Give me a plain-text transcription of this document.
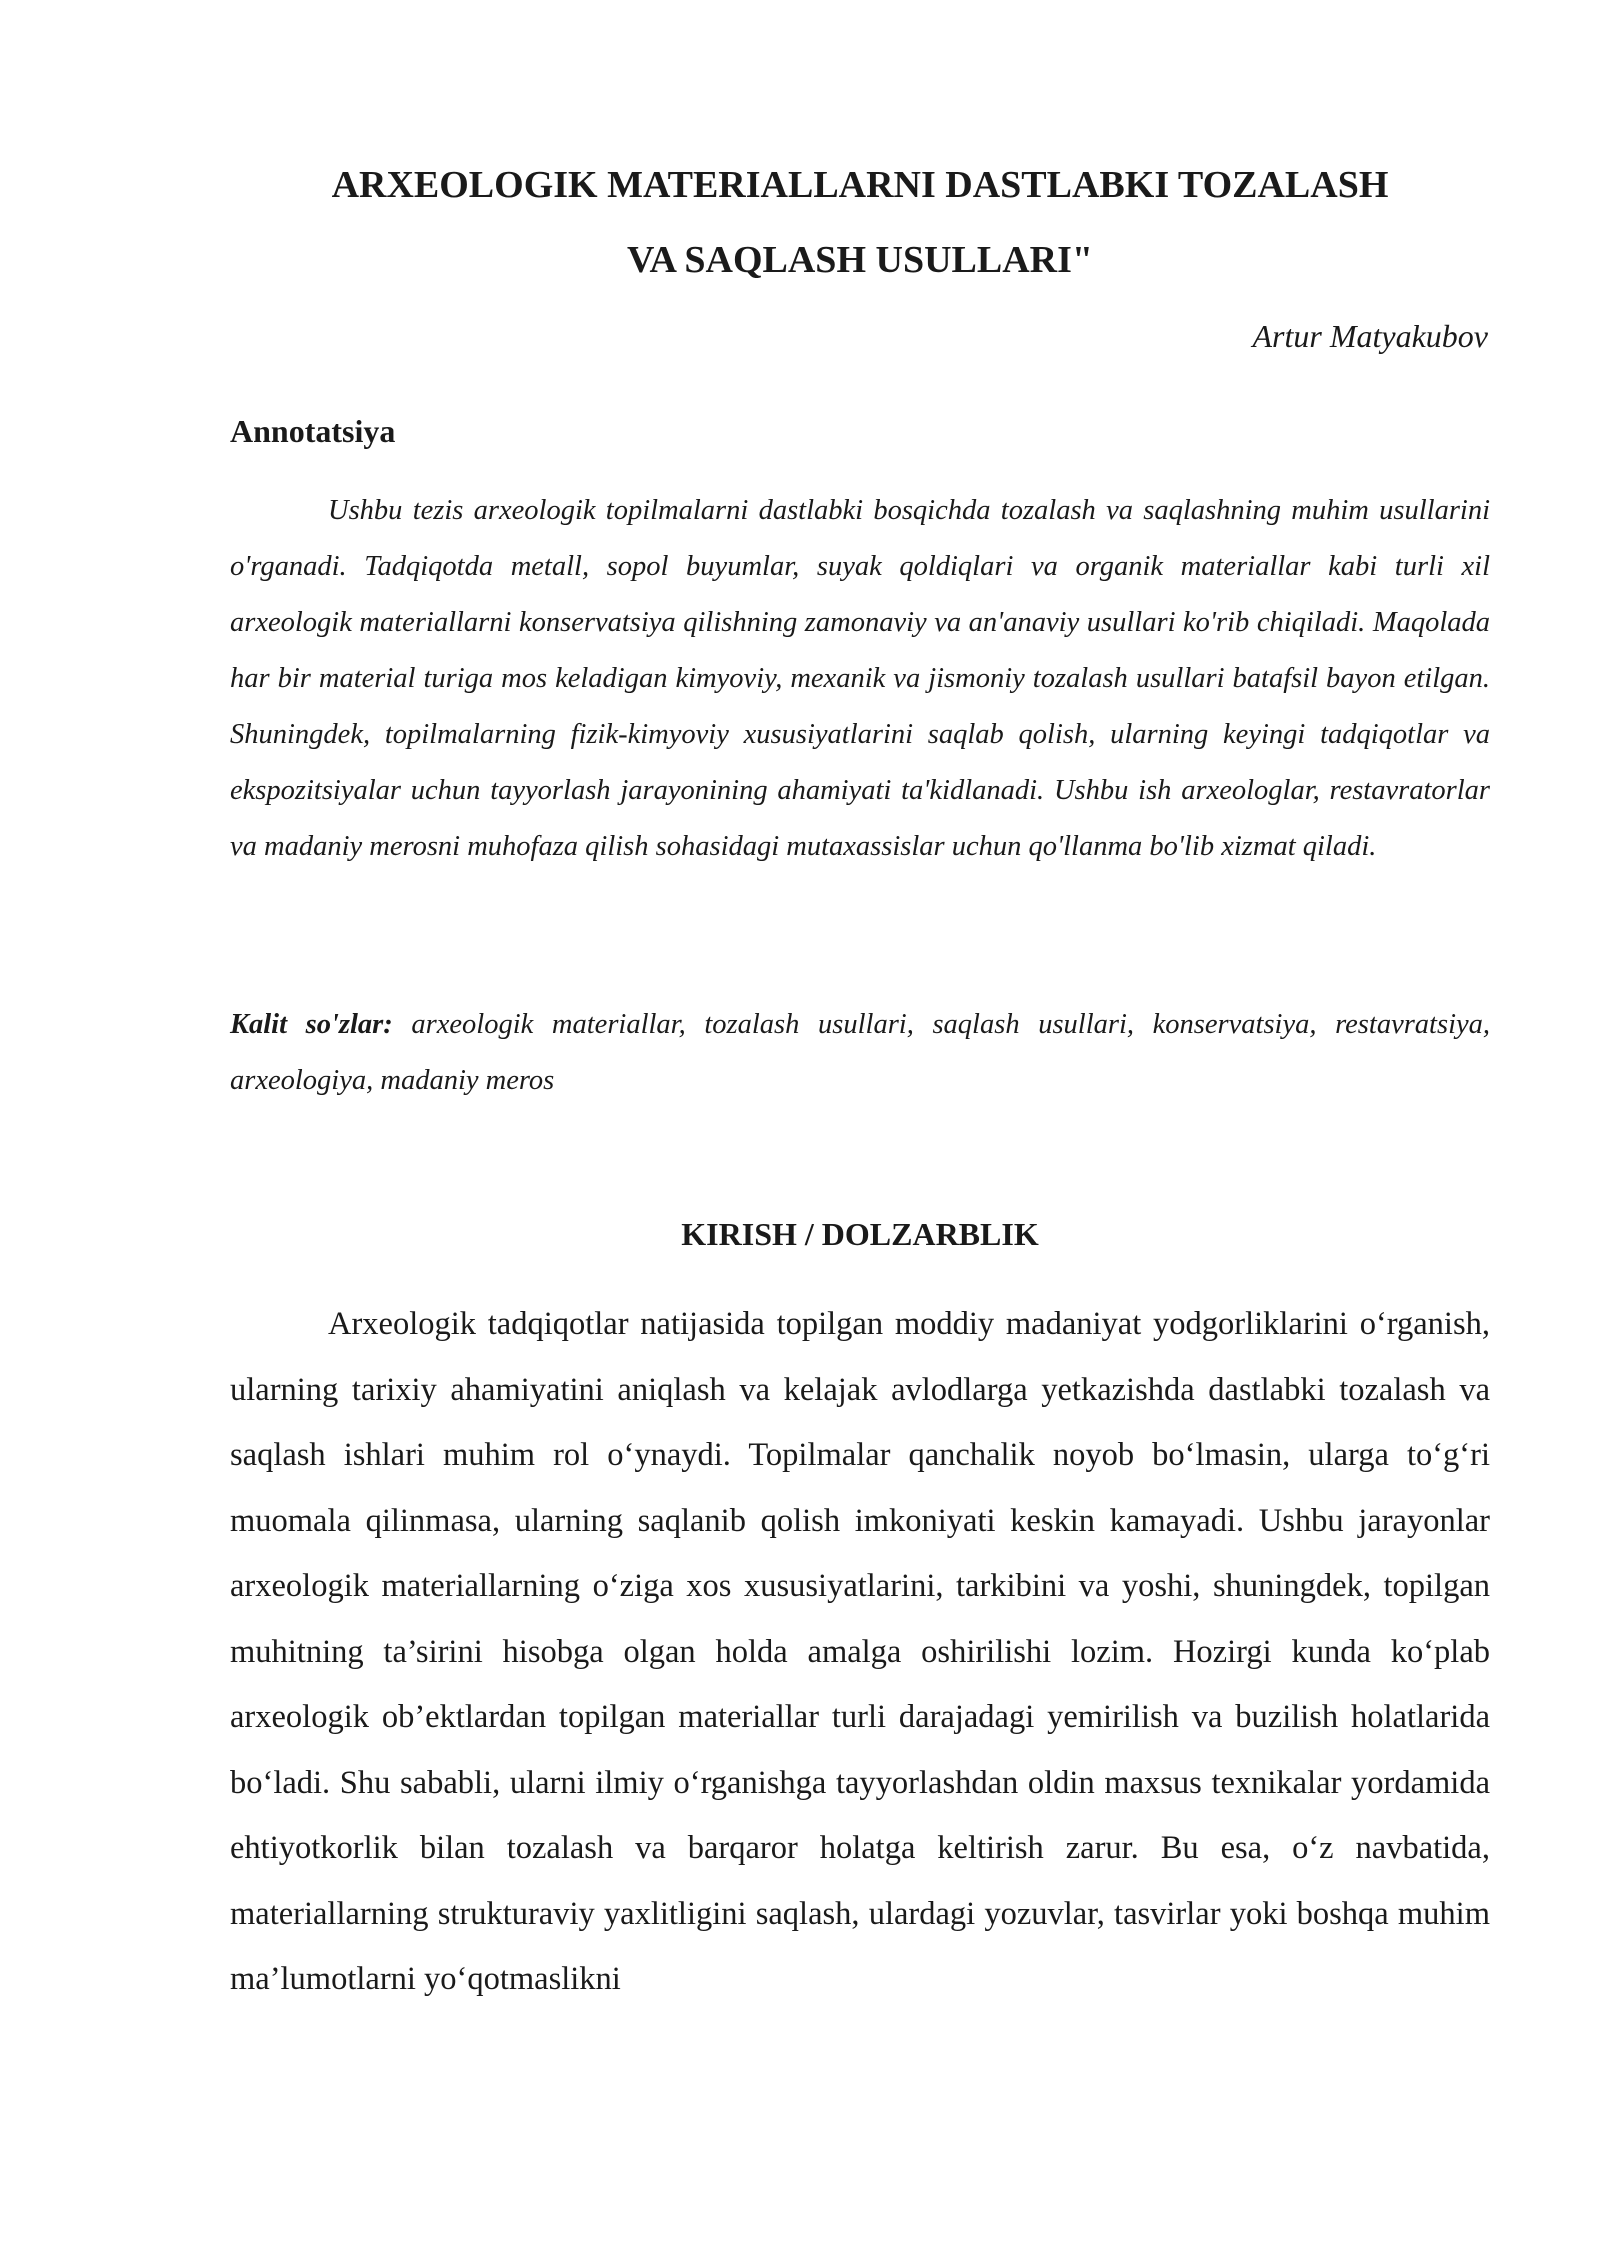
ARXEOLOGIK MATERIALLARNI DASTLABKI TOZALASH
VA SAQLASH USULLARI"

Artur Matyakubov

Annotatsiya

Ushbu tezis arxeologik topilmalarni dastlabki bosqichda tozalash va saqlashning muhim usullarini o'rganadi. Tadqiqotda metall, sopol buyumlar, suyak qoldiqlari va organik materiallar kabi turli xil arxeologik materiallarni konservatsiya qilishning zamonaviy va an'anaviy usullari ko'rib chiqiladi. Maqolada har bir material turiga mos keladigan kimyoviy, mexanik va jismoniy tozalash usullari batafsil bayon etilgan. Shuningdek, topilmalarning fizik-kimyoviy xususiyatlarini saqlab qolish, ularning keyingi tadqiqotlar va ekspozitsiyalar uchun tayyorlash jarayonining ahamiyati ta'kidlanadi. Ushbu ish arxeologlar, restavratorlar va madaniy merosni muhofaza qilish sohasidagi mutaxassislar uchun qo'llanma bo'lib xizmat qiladi.

Kalit so'zlar: arxeologik materiallar, tozalash usullari, saqlash usullari, konservatsiya, restavratsiya, arxeologiya, madaniy meros

KIRISH / DOLZARBLIK

Arxeologik tadqiqotlar natijasida topilgan moddiy madaniyat yodgorliklarini o‘rganish, ularning tarixiy ahamiyatini aniqlash va kelajak avlodlarga yetkazishda dastlabki tozalash va saqlash ishlari muhim rol o‘ynaydi. Topilmalar qanchalik noyob bo‘lmasin, ularga to‘g‘ri muomala qilinmasa, ularning saqlanib qolish imkoniyati keskin kamayadi. Ushbu jarayonlar arxeologik materiallarning o‘ziga xos xususiyatlarini, tarkibini va yoshi, shuningdek, topilgan muhitning ta’sirini hisobga olgan holda amalga oshirilishi lozim. Hozirgi kunda ko‘plab arxeologik ob’ektlardan topilgan materiallar turli darajadagi yemirilish va buzilish holatlarida bo‘ladi. Shu sababli, ularni ilmiy o‘rganishga tayyorlashdan oldin maxsus texnikalar yordamida ehtiyotkorlik bilan tozalash va barqaror holatga keltirish zarur. Bu esa, o‘z navbatida, materiallarning strukturaviy yaxlitligini saqlash, ulardagi yozuvlar, tasvirlar yoki boshqa muhim ma’lumotlarni yo‘qotmaslikni
